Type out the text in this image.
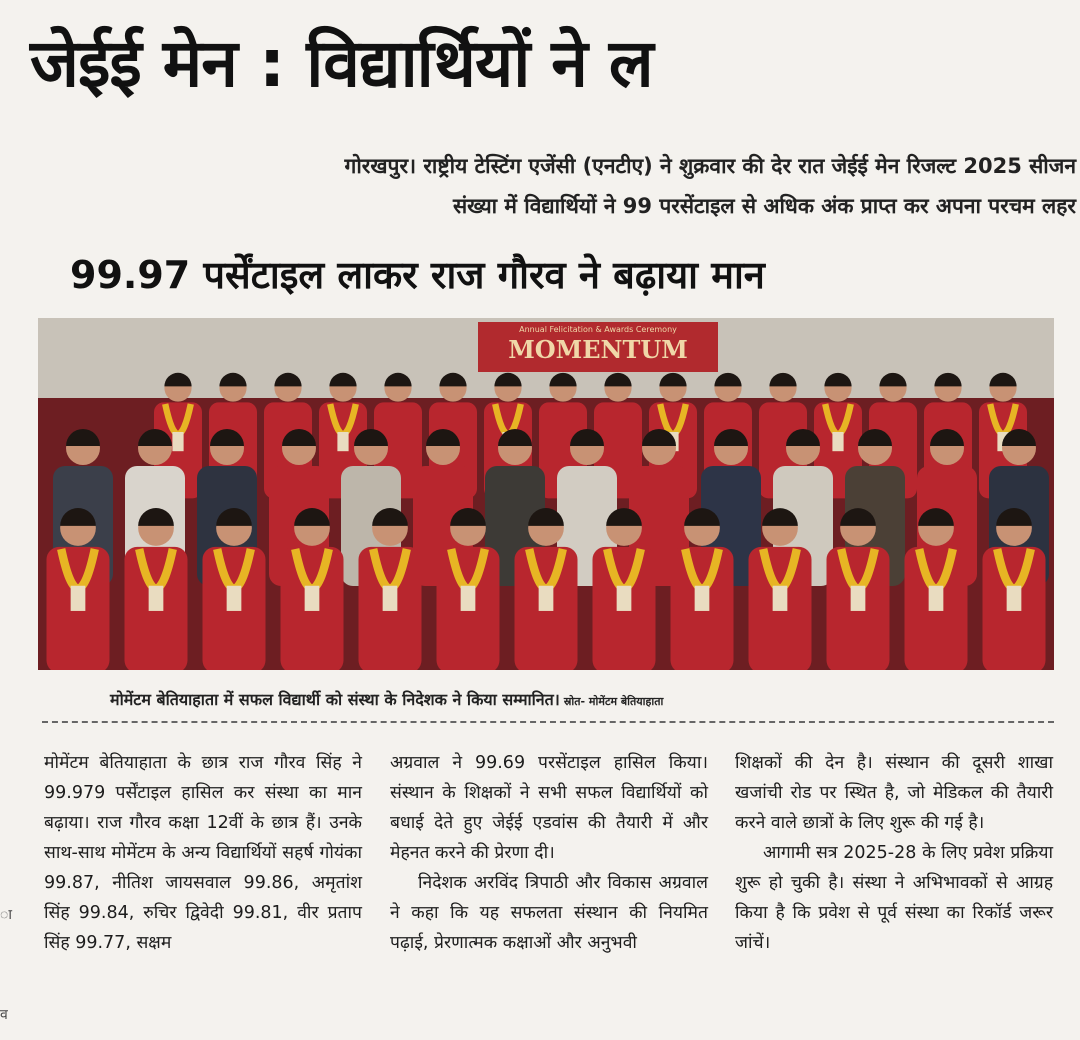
जेईई मेन : विद्यार्थियों ने ल
गोरखपुर। राष्ट्रीय टेस्टिंग एजेंसी (एनटीए) ने शुक्रवार की देर रात जेईई मेन रिजल्ट 2025 सीजन
संख्या में विद्यार्थियों ने 99 परसेंटाइल से अधिक अंक प्राप्त कर अपना परचम लहर
99.97 पर्सेंटाइल लाकर राज गौरव ने बढ़ाया मान
MOMENTUM
Annual Felicitation & Awards Ceremony
मोमेंटम बेतियाहाता में सफल विद्यार्थी को संस्था के निदेशक ने किया सम्मानित। स्रोत- मोमेंटम बेतियाहाता

मोमेंटम बेतियाहाता के छात्र राज गौरव सिंह ने 99.979 पर्सेंटाइल हासिल कर संस्था का मान बढ़ाया। राज गौरव कक्षा 12वीं के छात्र हैं। उनके साथ-साथ मोमेंटम के अन्य विद्यार्थियों सहर्ष गोयंका 99.87, नीतिश जायसवाल 99.86, अमृतांश सिंह 99.84, रुचिर द्विवेदी 99.81, वीर प्रताप सिंह 99.77, सक्षम

अग्रवाल ने 99.69 परसेंटाइल हासिल किया। संस्थान के शिक्षकों ने सभी सफल विद्यार्थियों को बधाई देते हुए जेईई एडवांस की तैयारी में और मेहनत करने की प्रेरणा दी।

निदेशक अरविंद त्रिपाठी और विकास अग्रवाल ने कहा कि यह सफलता संस्थान की नियमित पढ़ाई, प्रेरणात्मक कक्षाओं और अनुभवी

शिक्षकों की देन है। संस्थान की दूसरी शाखा खजांची रोड पर स्थित है, जो मेडिकल की तैयारी करने वाले छात्रों के लिए शुरू की गई है।

आगामी सत्र 2025-28 के लिए प्रवेश प्रक्रिया शुरू हो चुकी है। संस्था ने अभिभावकों से आग्रह किया है कि प्रवेश से पूर्व संस्था का रिकॉर्ड जरूर जांचें।

ा
व
